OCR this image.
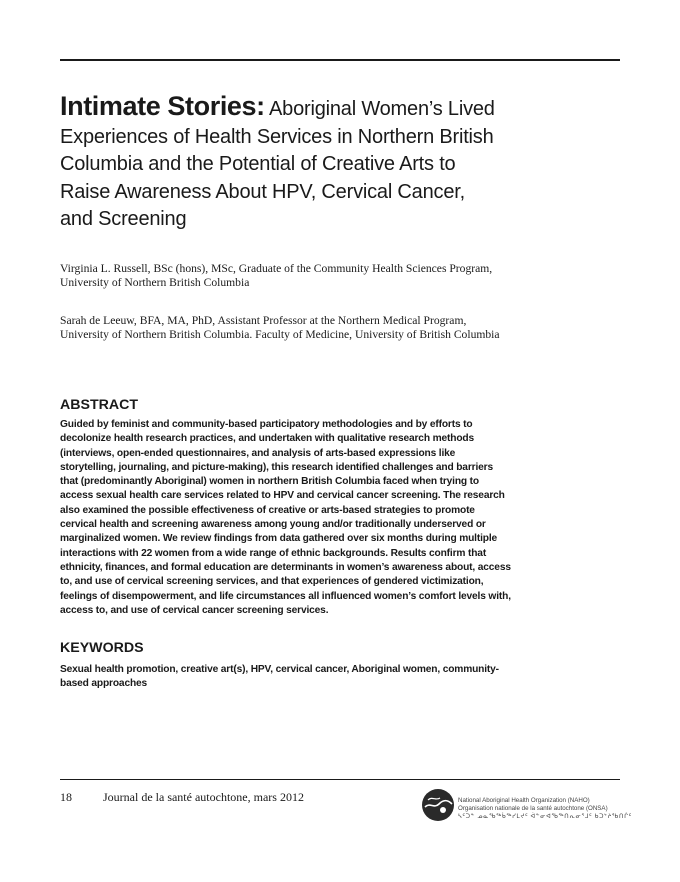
Intimate Stories: Aboriginal Women’s Lived Experiences of Health Services in Northern British Columbia and the Potential of Creative Arts to Raise Awareness About HPV, Cervical Cancer, and Screening
Virginia L. Russell, BSc (hons), MSc, Graduate of the Community Health Sciences Program, University of Northern British Columbia
Sarah de Leeuw, BFA, MA, PhD, Assistant Professor at the Northern Medical Program, University of Northern British Columbia. Faculty of Medicine, University of British Columbia
ABSTRACT
Guided by feminist and community-based participatory methodologies and by efforts to decolonize health research practices, and undertaken with qualitative research methods (interviews, open-ended questionnaires, and analysis of arts-based expressions like storytelling, journaling, and picture-making), this research identified challenges and barriers that (predominantly Aboriginal) women in northern British Columbia faced when trying to access sexual health care services related to HPV and cervical cancer screening. The research also examined the possible effectiveness of creative or arts-based strategies to promote cervical health and screening awareness among young and/or traditionally underserved or marginalized women. We review findings from data gathered over six months during multiple interactions with 22 women from a wide range of ethnic backgrounds. Results confirm that ethnicity, finances, and formal education are determinants in women’s awareness about, access to, and use of cervical screening services, and that experiences of gendered victimization, feelings of disempowerment, and life circumstances all influenced women’s comfort levels with, access to, and use of cervical cancer screening services.
KEYWORDS
Sexual health promotion, creative art(s), HPV, cervical cancer, Aboriginal women, community-based approaches
18	Journal de la santé autochtone, mars 2012	National Aboriginal Health Organization (NAHO)
Organisation nationale de la santé autochtone (ONSA)
ᓴᑦᑐᓐ ᓄᓇᖃᖅᑳᖅᓯᒪᔪᑦ ᐋᓐᓂᐊᖃᖅᑎᕆᓂᕐᒧᑦ ᑲᑐᔾᔨᖃᑎᒌᑦ
